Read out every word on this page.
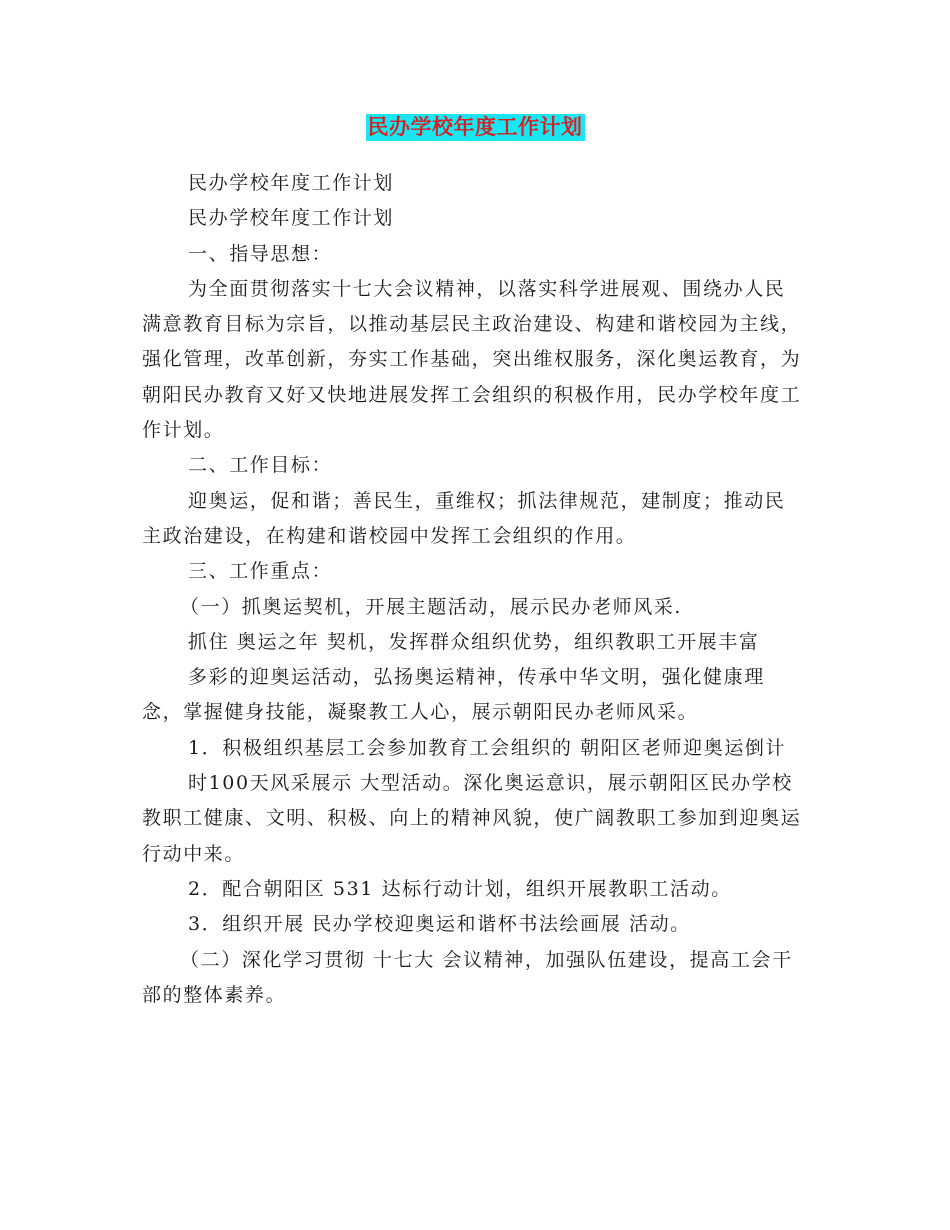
民办学校年度工作计划

民办学校年度工作计划

民办学校年度工作计划

一、指导思想：

为全面贯彻落实十七大会议精神，以落实科学进展观、围绕办人民满意教育目标为宗旨，以推动基层民主政治建设、构建和谐校园为主线，强化管理，改革创新，夯实工作基础，突出维权服务，深化奥运教育，为朝阳民办教育又好又快地进展发挥工会组织的积极作用，民办学校年度工作计划。

二、工作目标：

迎奥运，促和谐；善民生，重维权；抓法律规范，建制度；推动民主政治建设，在构建和谐校园中发挥工会组织的作用。

三、工作重点：

（一）抓奥运契机，开展主题活动，展示民办老师风采.

抓住 奥运之年 契机，发挥群众组织优势，组织教职工开展丰富

多彩的迎奥运活动，弘扬奥运精神，传承中华文明，强化健康理念，掌握健身技能，凝聚教工人心，展示朝阳民办老师风采。

1．积极组织基层工会参加教育工会组织的 朝阳区老师迎奥运倒计

时100天风采展示 大型活动。深化奥运意识，展示朝阳区民办学校教职工健康、文明、积极、向上的精神风貌，使广阔教职工参加到迎奥运 行动中来。

2．配合朝阳区 531 达标行动计划，组织开展教职工活动。

3．组织开展 民办学校迎奥运和谐杯书法绘画展 活动。

（二）深化学习贯彻 十七大 会议精神，加强队伍建设，提高工会干部的整体素养。
